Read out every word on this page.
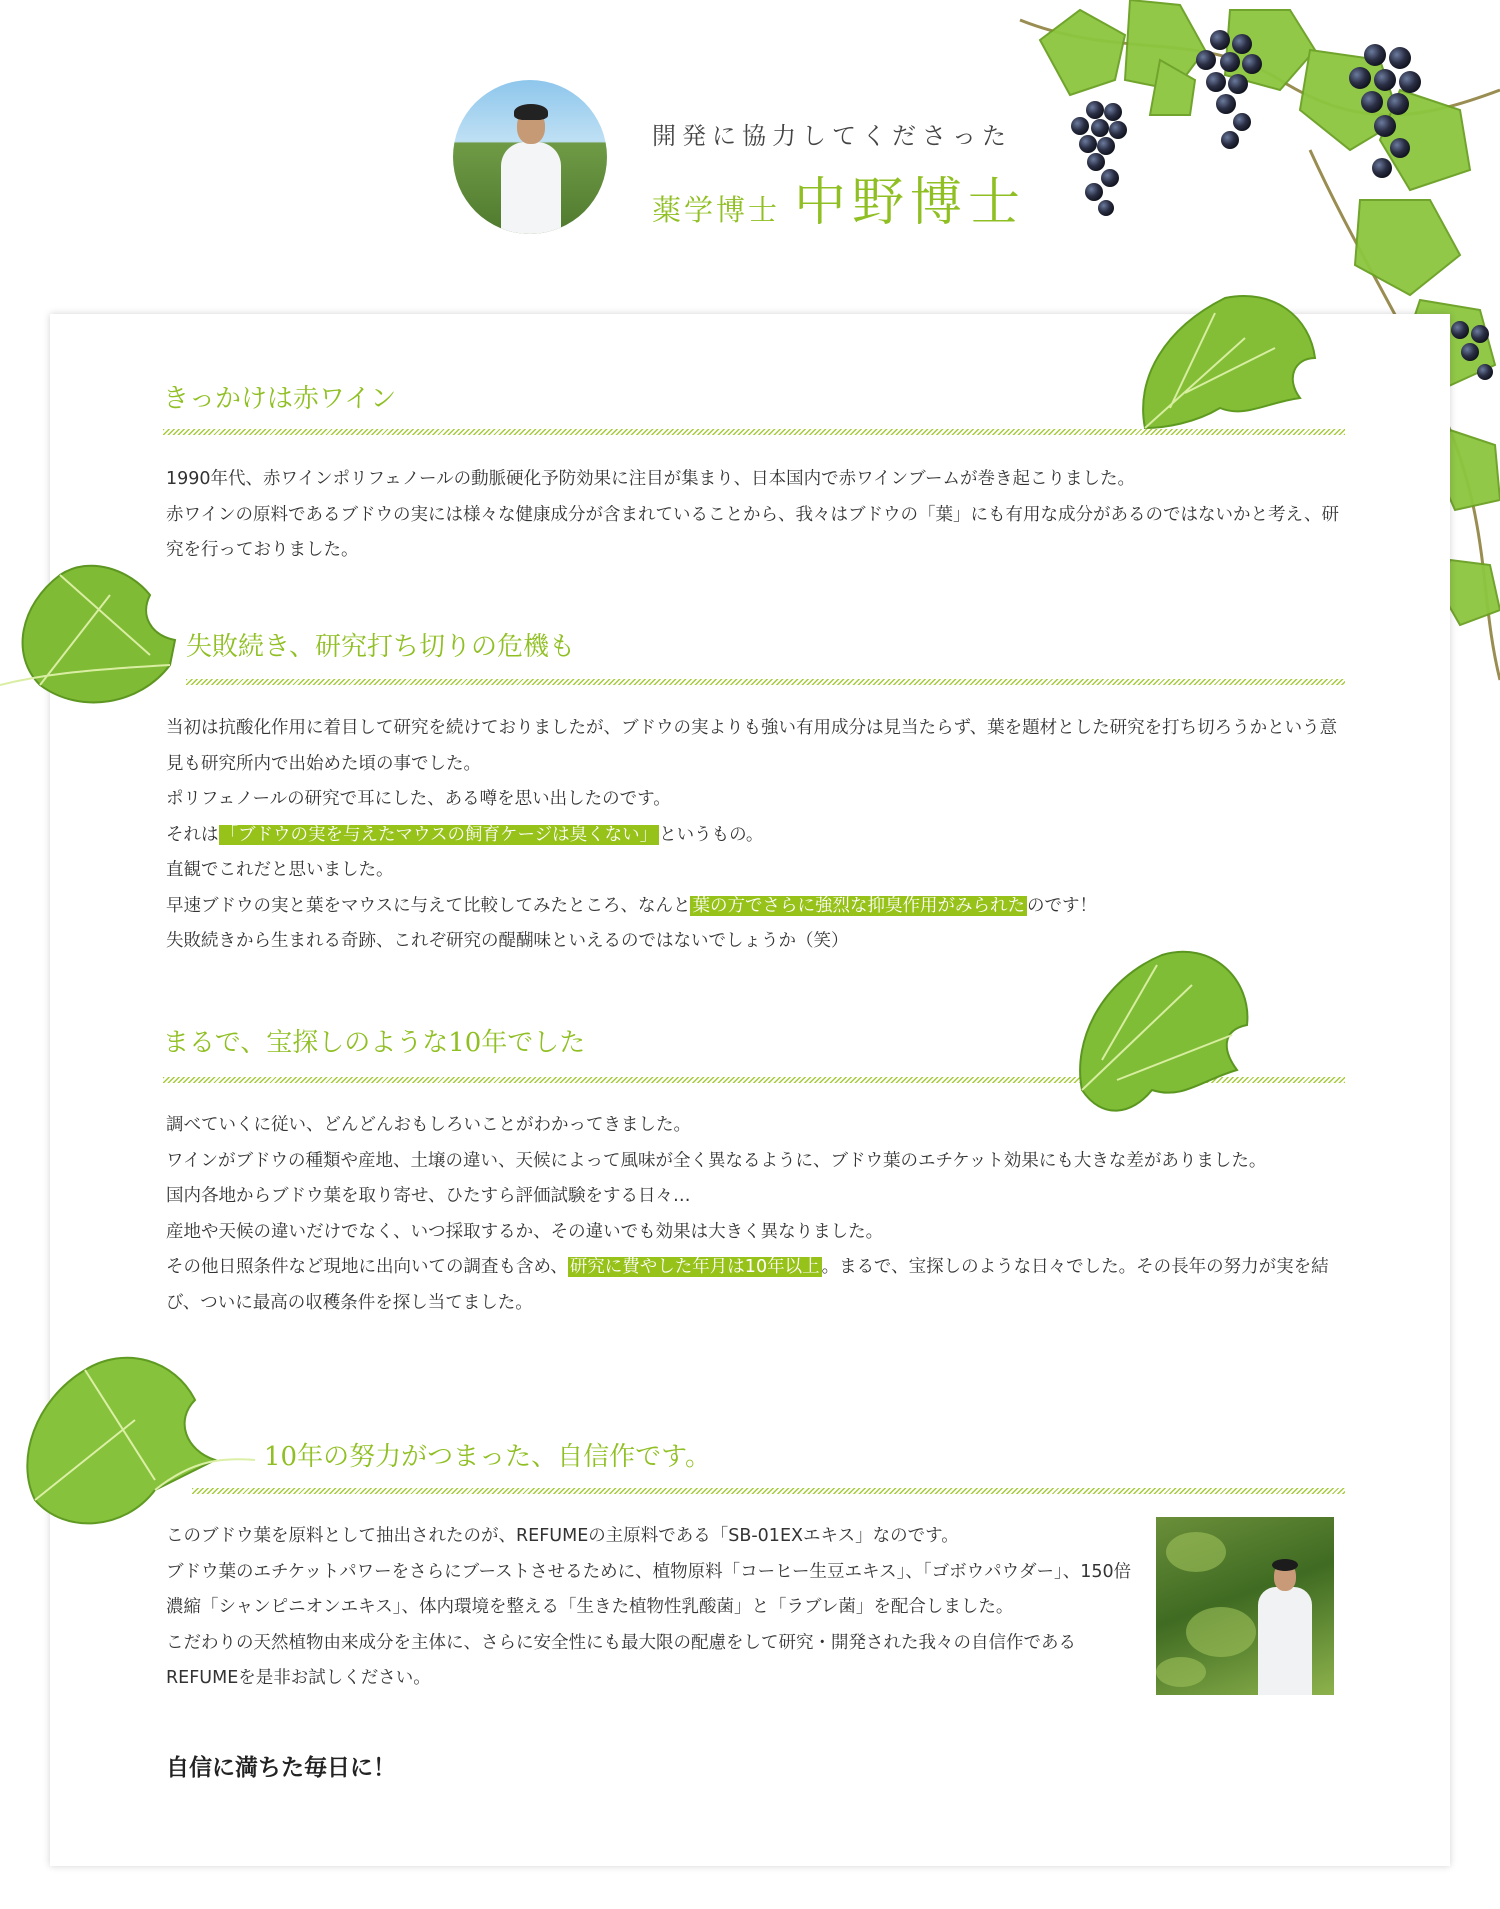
開発に協力してくださった
薬学博士 中野博士
きっかけは赤ワイン

1990年代、赤ワインポリフェノールの動脈硬化予防効果に注目が集まり、日本国内で赤ワインブームが巻き起こりました。

赤ワインの原料であるブドウの実には様々な健康成分が含まれていることから、我々はブドウの「葉」にも有用な成分があるのではないかと考え、研究を行っておりました。

失敗続き、研究打ち切りの危機も

当初は抗酸化作用に着目して研究を続けておりましたが、ブドウの実よりも強い有用成分は見当たらず、葉を題材とした研究を打ち切ろうかという意見も研究所内で出始めた頃の事でした。

ポリフェノールの研究で耳にした、ある噂を思い出したのです。

それは 「ブドウの実を与えたマウスの飼育ケージは臭くない」 というもの。

直観でこれだと思いました。

早速ブドウの実と葉をマウスに与えて比較してみたところ、なんと 葉の方でさらに強烈な抑臭作用がみられた のです！

失敗続きから生まれる奇跡、これぞ研究の醍醐味といえるのではないでしょうか（笑）

まるで、宝探しのような10年でした

調べていくに従い、どんどんおもしろいことがわかってきました。

ワインがブドウの種類や産地、土壌の違い、天候によって風味が全く異なるように、ブドウ葉のエチケット効果にも大きな差がありました。

国内各地からブドウ葉を取り寄せ、ひたすら評価試験をする日々…

産地や天候の違いだけでなく、いつ採取するか、その違いでも効果は大きく異なりました。

その他日照条件など現地に出向いての調査も含め、 研究に費やした年月は10年以上 。まるで、宝探しのような日々でした。その長年の努力が実を結び、ついに最高の収穫条件を探し当てました。

10年の努力がつまった、自信作です。

このブドウ葉を原料として抽出されたのが、REFUMEの主原料である「SB-01EXエキス」なのです。

ブドウ葉のエチケットパワーをさらにブーストさせるために、植物原料「コーヒー生豆エキス」、「ゴボウパウダー」、150倍濃縮「シャンピニオンエキス」、体内環境を整える「生きた植物性乳酸菌」と「ラブレ菌」を配合しました。

こだわりの天然植物由来成分を主体に、さらに安全性にも最大限の配慮をして研究・開発された我々の自信作であるREFUMEを是非お試しください。

自信に満ちた毎日に！
